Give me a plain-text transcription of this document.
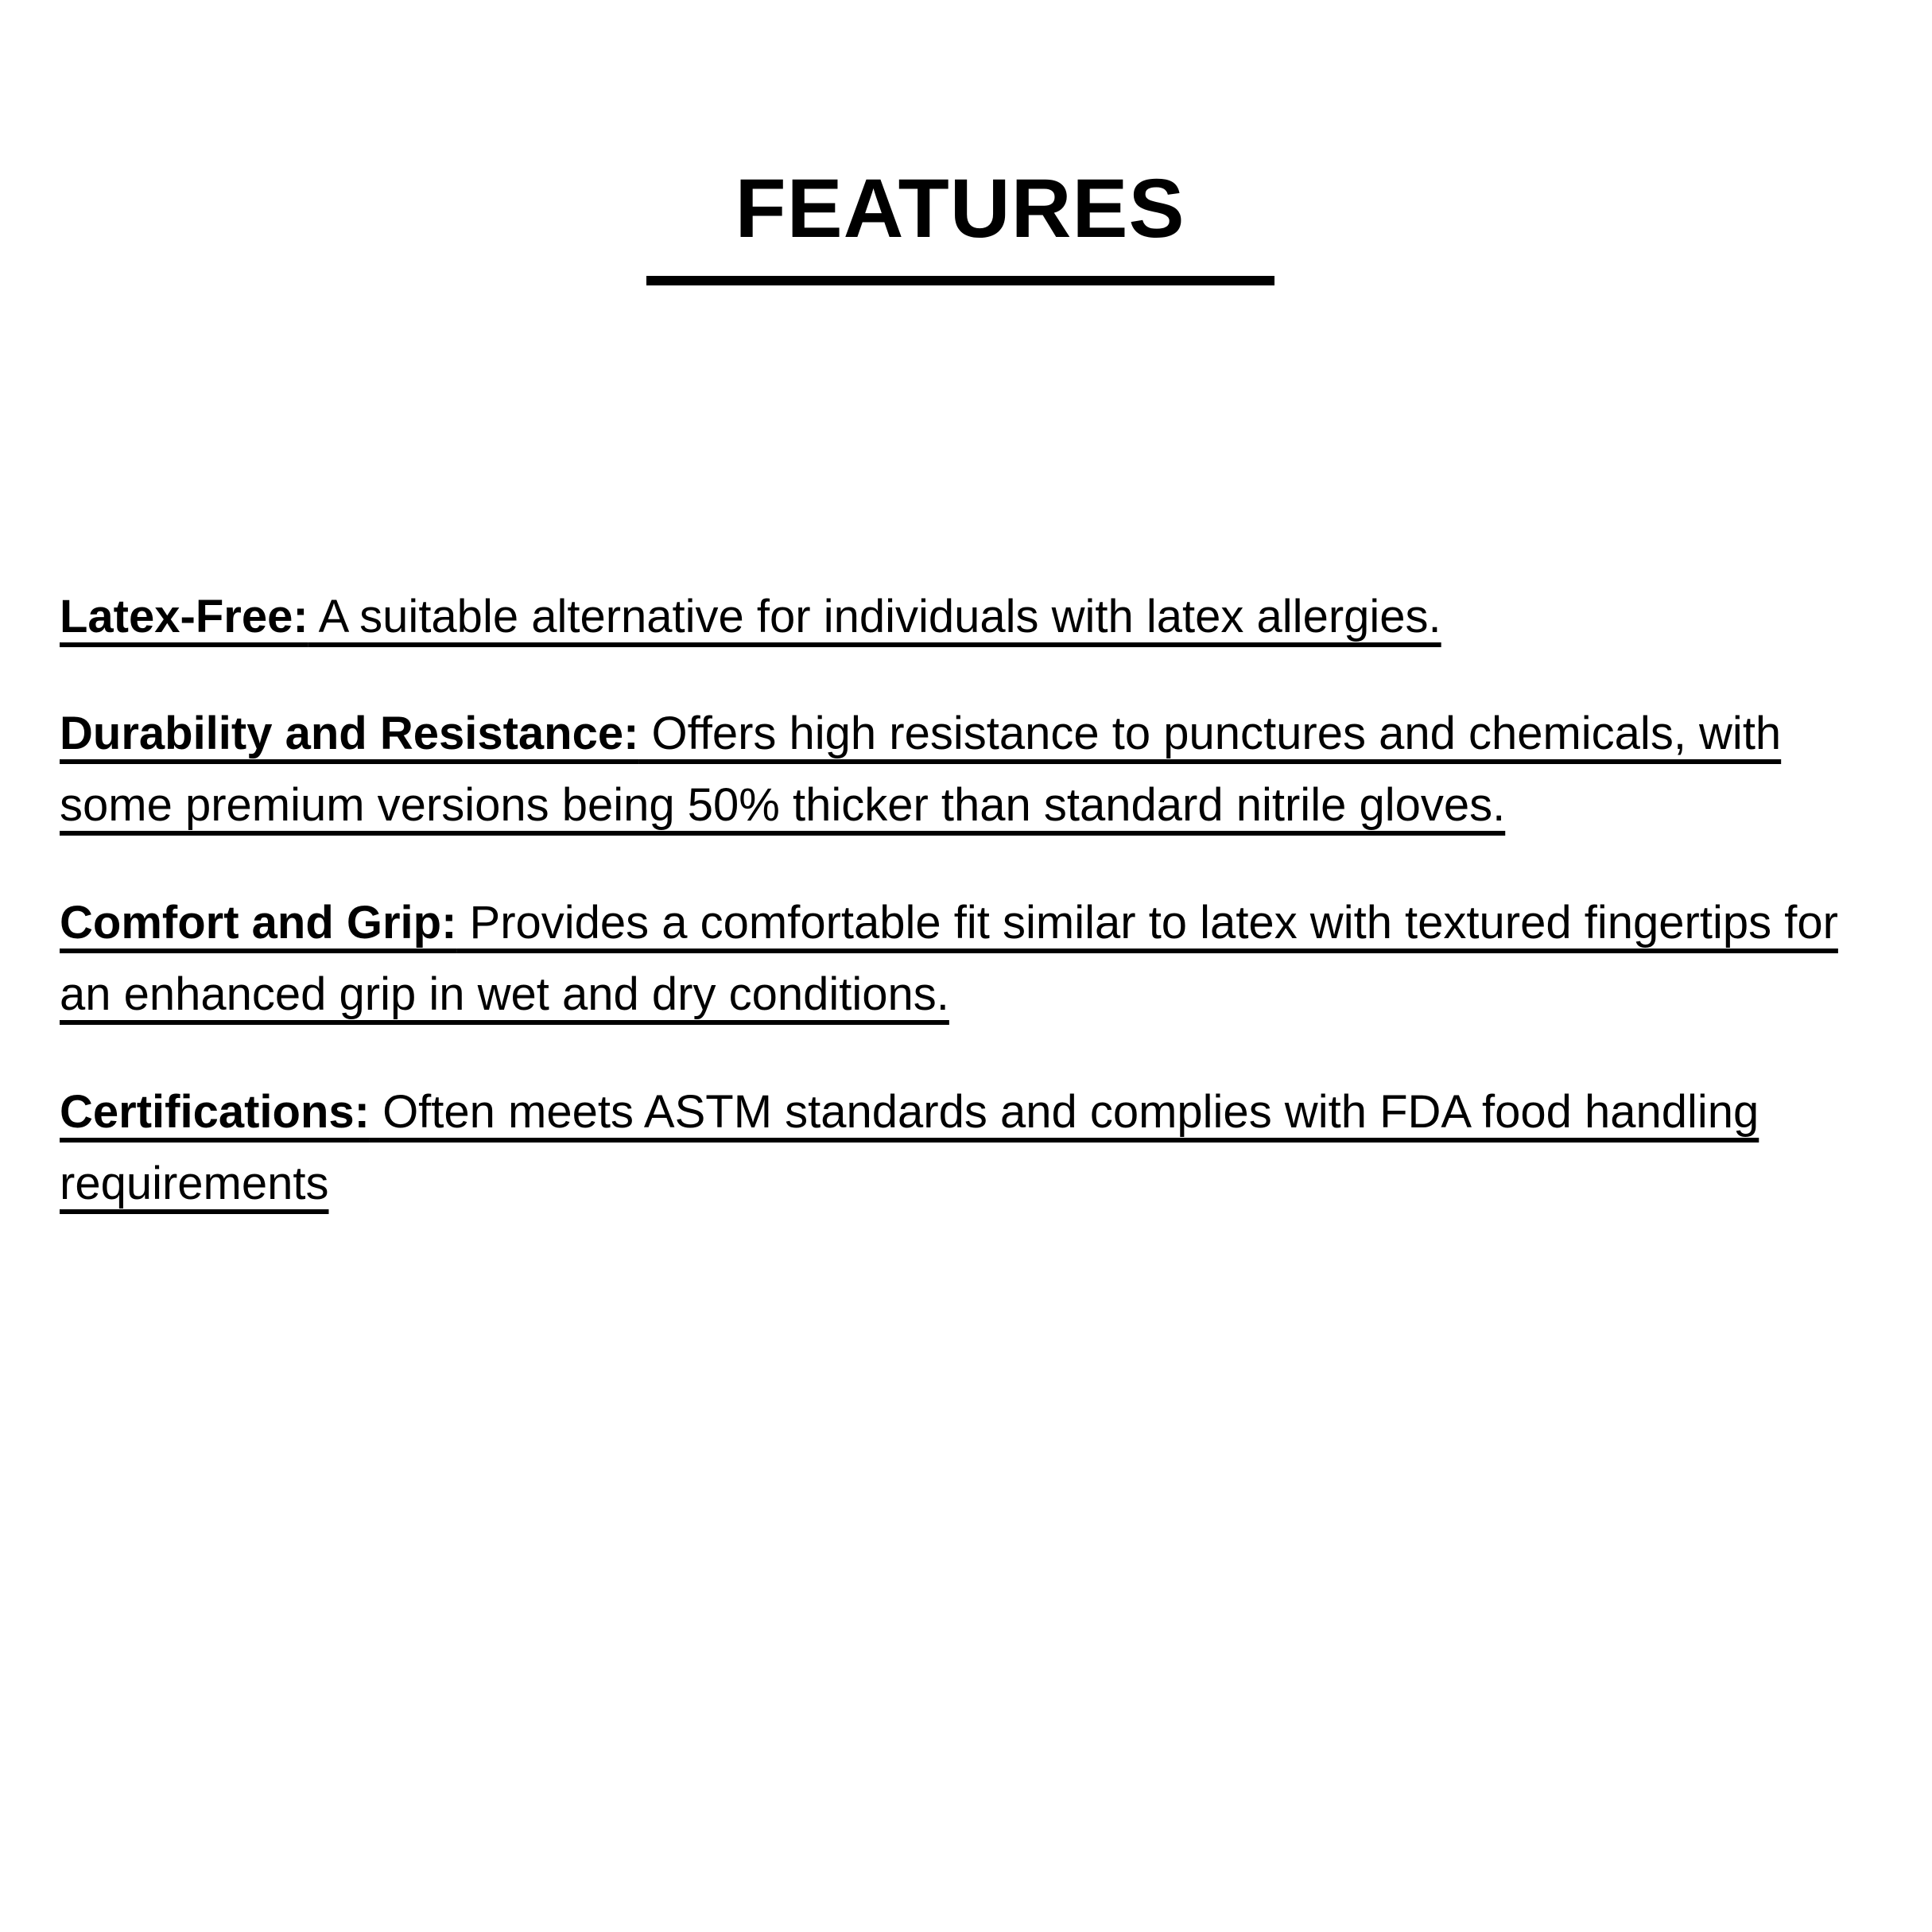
FEATURES

Latex-Free: A suitable alternative for individuals with latex allergies.

Durability and Resistance: Offers high resistance to punctures and chemicals, with some premium versions being 50% thicker than standard nitrile gloves.

Comfort and Grip: Provides a comfortable fit similar to latex with textured fingertips for an enhanced grip in wet and dry conditions.

Certifications: Often meets ASTM standards and complies with FDA food handling requirements
